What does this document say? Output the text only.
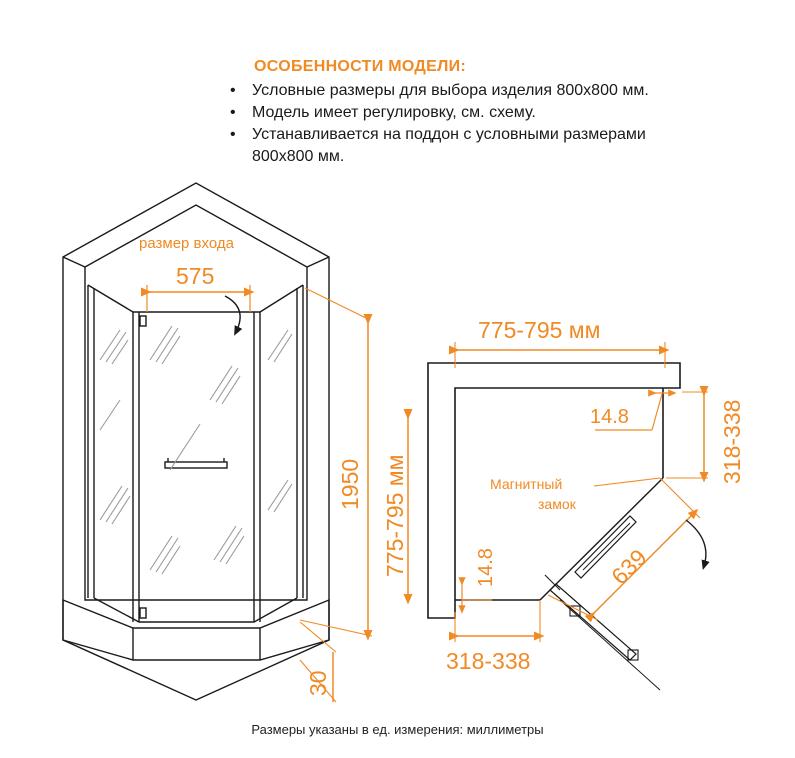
ОСОБЕННОСТИ МОДЕЛИ:
• Условные размеры для выбора изделия 800х800 мм.
• Модель имеет регулировку, см. схему.
• Устанавливается на поддон с условными размерами
800х800 мм.
размер входа
575
1950
30
775-795 мм
775-795 мм
318-338
14.8
Магнитный
замок
639
14.8
318-338
Размеры указаны в ед. измерения: миллиметры
